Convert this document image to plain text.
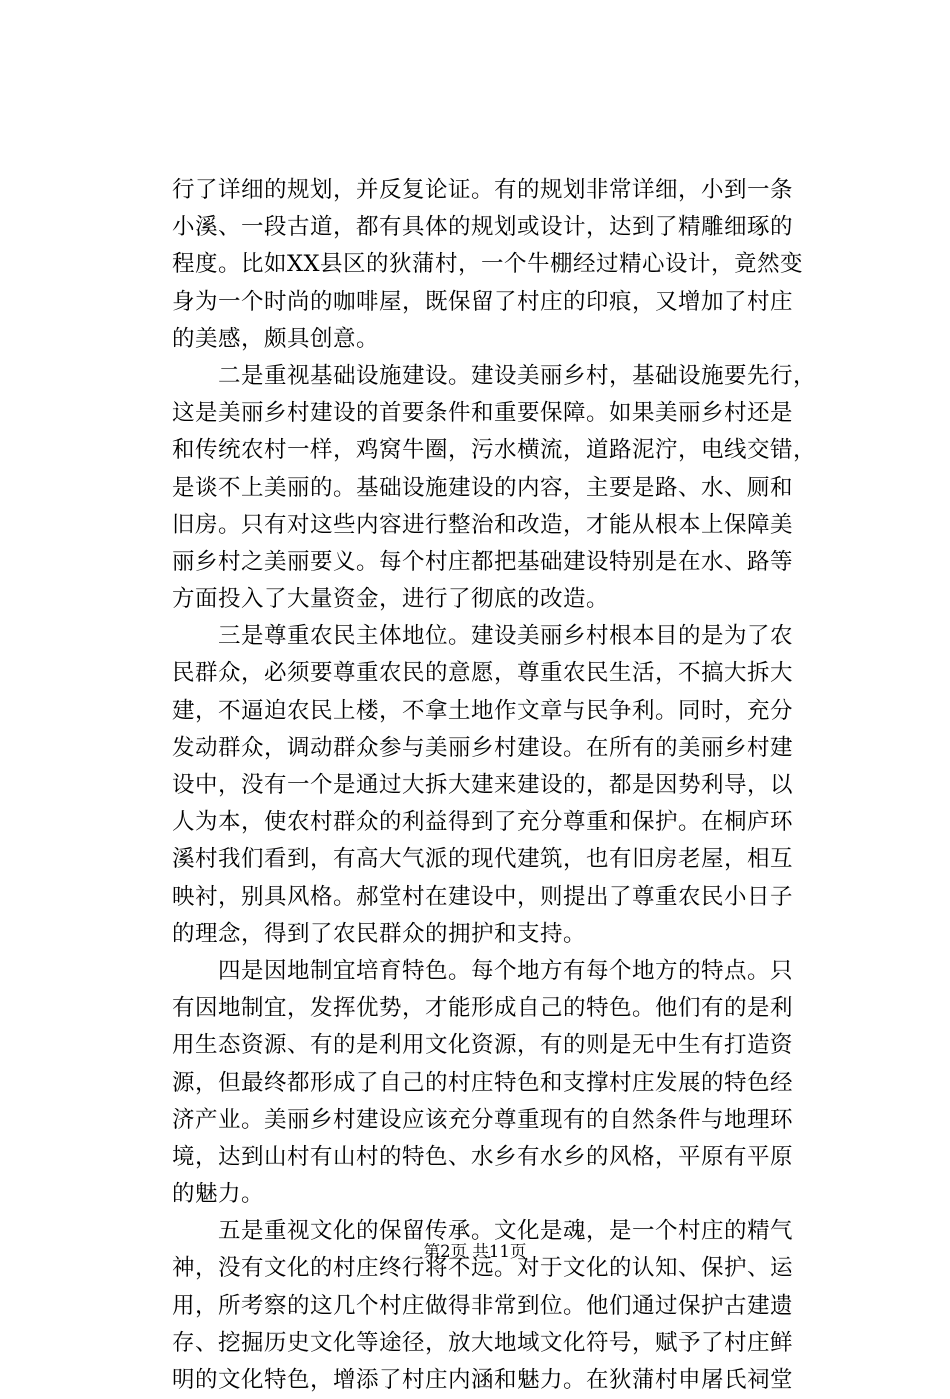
行了详细的规划，并反复论证。有的规划非常详细，小到一条
小溪、一段古道，都有具体的规划或设计，达到了精雕细琢的
程度。比如XX县区的狄蒲村，一个牛棚经过精心设计，竟然变
身为一个时尚的咖啡屋，既保留了村庄的印痕，又增加了村庄
的美感，颇具创意。
　　二是重视基础设施建设。建设美丽乡村，基础设施要先行，
这是美丽乡村建设的首要条件和重要保障。如果美丽乡村还是
和传统农村一样，鸡窝牛圈，污水横流，道路泥泞，电线交错，
是谈不上美丽的。基础设施建设的内容，主要是路、水、厕和
旧房。只有对这些内容进行整治和改造，才能从根本上保障美
丽乡村之美丽要义。每个村庄都把基础建设特别是在水、路等
方面投入了大量资金，进行了彻底的改造。
　　三是尊重农民主体地位。建设美丽乡村根本目的是为了农
民群众，必须要尊重农民的意愿，尊重农民生活，不搞大拆大
建，不逼迫农民上楼，不拿土地作文章与民争利。同时，充分
发动群众，调动群众参与美丽乡村建设。在所有的美丽乡村建
设中，没有一个是通过大拆大建来建设的，都是因势利导，以
人为本，使农村群众的利益得到了充分尊重和保护。在桐庐环
溪村我们看到，有高大气派的现代建筑，也有旧房老屋，相互
映衬，别具风格。郝堂村在建设中，则提出了尊重农民小日子
的理念，得到了农民群众的拥护和支持。
　　四是因地制宜培育特色。每个地方有每个地方的特点。只
有因地制宜，发挥优势，才能形成自己的特色。他们有的是利
用生态资源、有的是利用文化资源，有的则是无中生有打造资
源，但最终都形成了自己的村庄特色和支撑村庄发展的特色经
济产业。美丽乡村建设应该充分尊重现有的自然条件与地理环
境，达到山村有山村的特色、水乡有水乡的风格，平原有平原
的魅力。
　　五是重视文化的保留传承。文化是魂，是一个村庄的精气
神，没有文化的村庄终行将不远。对于文化的认知、保护、运
用，所考察的这几个村庄做得非常到位。他们通过保护古建遗
存、挖掘历史文化等途径，放大地域文化符号，赋予了村庄鲜
明的文化特色，增添了村庄内涵和魅力。在狄蒲村申屠氏祠堂
第2页 共11页
